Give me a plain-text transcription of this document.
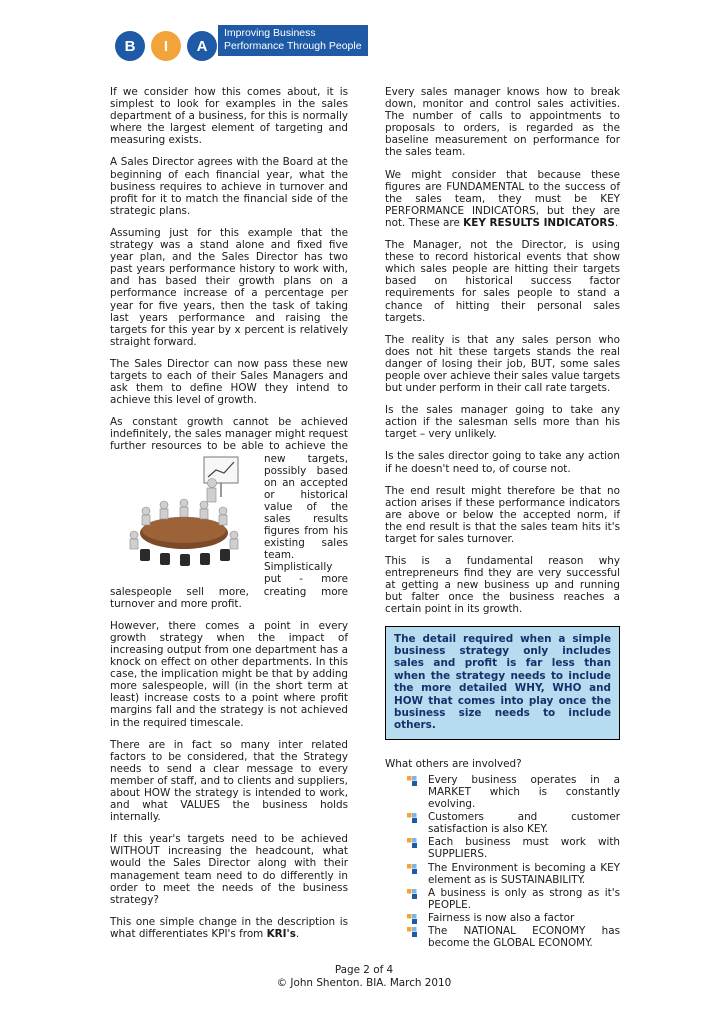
B I A
Improving Business
Performance Through People

If we consider how this comes about, it is simplest to look for examples in the sales department of a business, for this is normally where the largest element of targeting and measuring exists.

A Sales Director agrees with the Board at the beginning of each financial year, what the business requires to achieve in turnover and profit for it to match the financial side of the strategic plans.

Assuming just for this example that the strategy was a stand alone and fixed five year plan, and the Sales Director has two past years performance history to work with, and has based their growth plans on a performance increase of a percentage per year for five years, then the task of taking last years performance and raising the targets for this year by x percent is relatively straight forward.

The Sales Director can now pass these new targets to each of their Sales Managers and ask them to define HOW they intend to achieve this level of growth.

As constant growth cannot be achieved indefinitely, the sales manager might request further resources to be able to achieve the
new targets, possibly based on an accepted or historical value of the sales results figures from his existing sales team. Simplistically put - more salespeople sell more, creating more turnover and more profit.

However, there comes a point in every growth strategy when the impact of increasing output from one department has a knock on effect on other departments. In this case, the implication might be that by adding more salespeople, will (in the short term at least) increase costs to a point where profit margins fall and the strategy is not achieved in the required timescale.

There are in fact so many inter related factors to be considered, that the Strategy needs to send a clear message to every member of staff, and to clients and suppliers, about HOW the strategy is intended to work, and what VALUES the business holds internally.

If this year's targets need to be achieved WITHOUT increasing the headcount, what would the Sales Director along with their management team need to do differently in order to meet the needs of the business strategy?

This one simple change in the description is what differentiates KPI's from KRI's.

Every sales manager knows how to break down, monitor and control sales activities. The number of calls to appointments to proposals to orders, is regarded as the baseline measurement on performance for the sales team.

We might consider that because these figures are FUNDAMENTAL to the success of the sales team, they must be KEY PERFORMANCE INDICATORS, but they are not. These are KEY RESULTS INDICATORS.

The Manager, not the Director, is using these to record historical events that show which sales people are hitting their targets based on historical success factor requirements for sales people to stand a chance of hitting their personal sales targets.

The reality is that any sales person who does not hit these targets stands the real danger of losing their job, BUT, some sales people over achieve their sales value targets but under perform in their call rate targets.

Is the sales manager going to take any action if the salesman sells more than his target – very unlikely.

Is the sales director going to take any action if he doesn't need to, of course not.

The end result might therefore be that no action arises if these performance indicators are above or below the accepted norm, if the end result is that the sales team hits it's target for sales turnover.

This is a fundamental reason why entrepreneurs find they are very successful at getting a new business up and running but falter once the business reaches a certain point in its growth.

The detail required when a simple business strategy only includes sales and profit is far less than when the strategy needs to include the more detailed WHY, WHO and HOW that comes into play once the business size needs to include others.

What others are involved?

Every business operates in a MARKET which is constantly evolving.
Customers and customer satisfaction is also KEY.
Each business must work with SUPPLIERS.
The Environment is becoming a KEY element as is SUSTAINABILITY.
A business is only as strong as it's PEOPLE.
Fairness is now also a factor
The NATIONAL ECONOMY has become the GLOBAL ECONOMY.
Page 2 of 4
© John Shenton. BIA. March 2010
